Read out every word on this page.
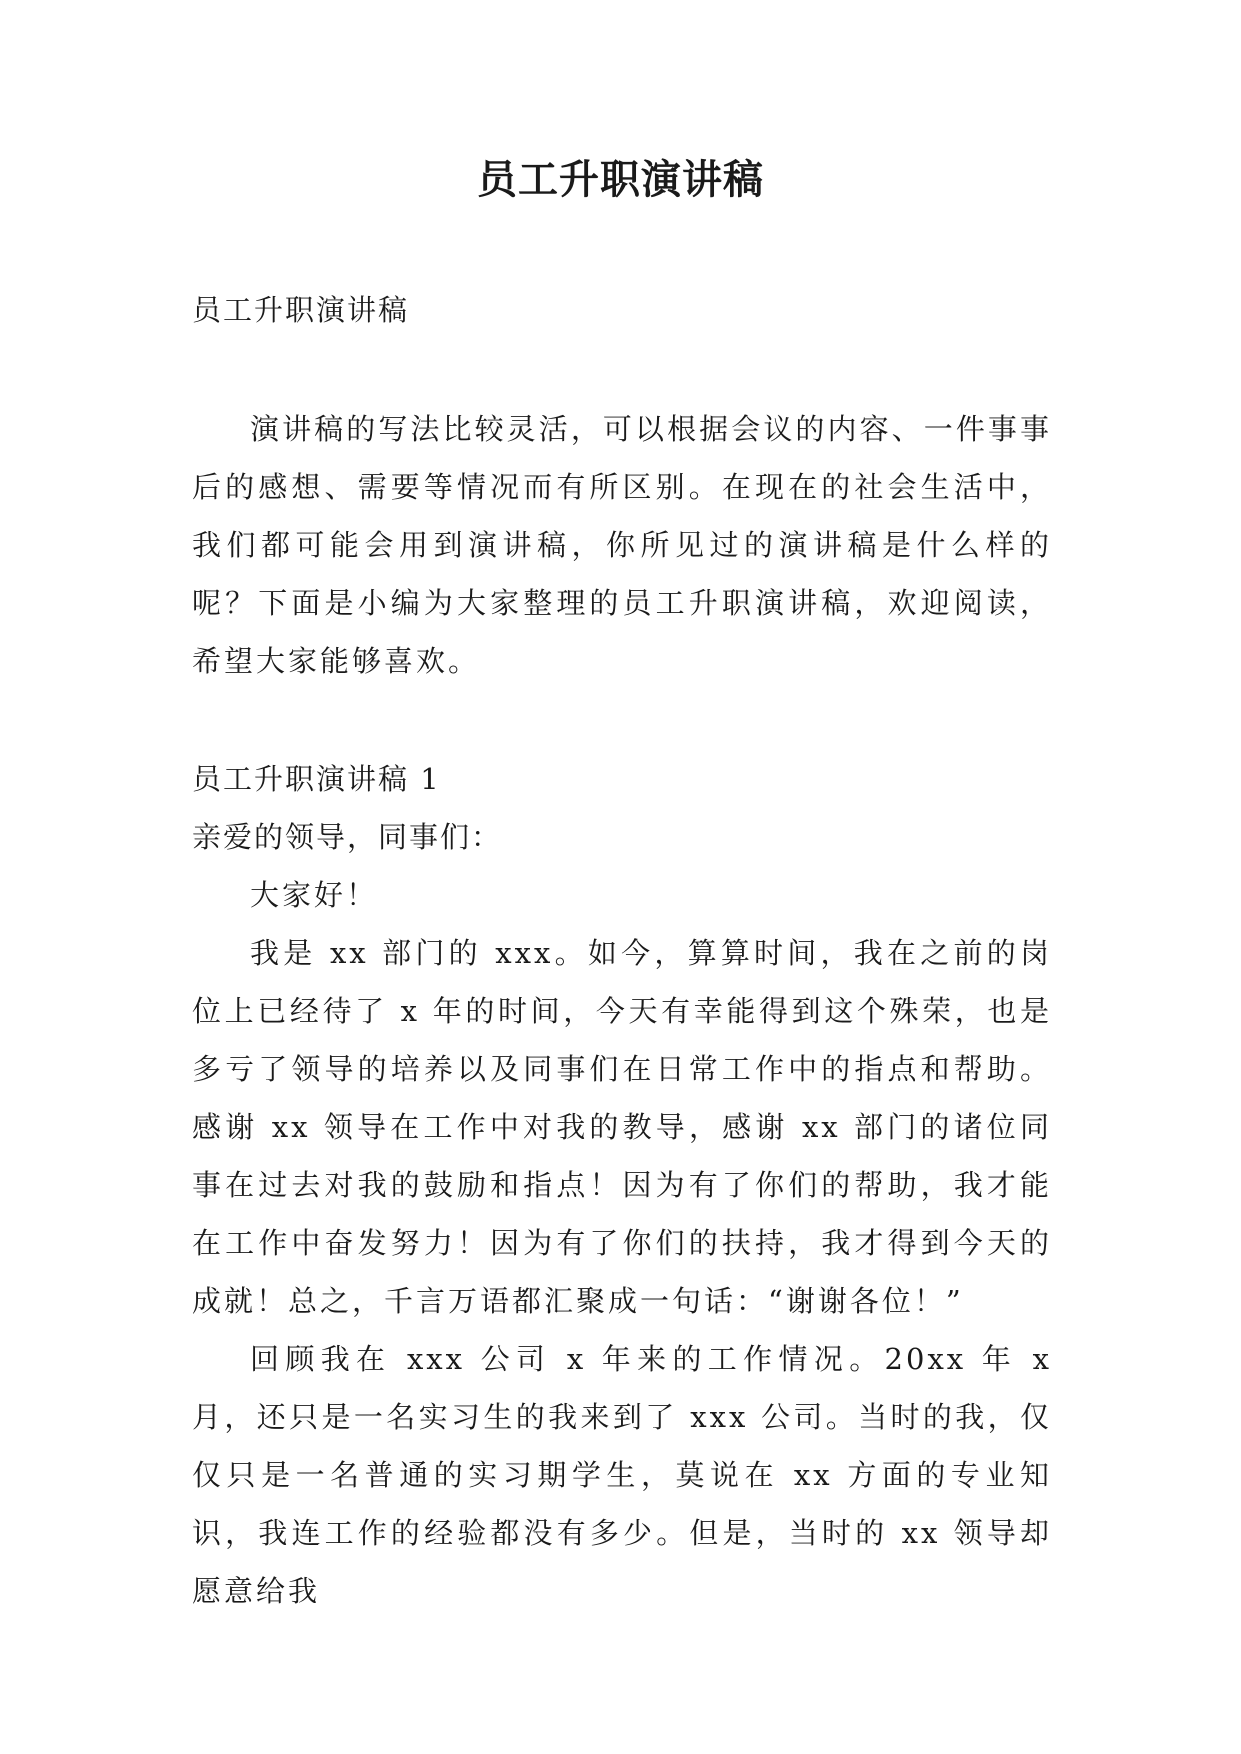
员工升职演讲稿
员工升职演讲稿

演讲稿的写法比较灵活，可以根据会议的内容、一件事事后的感想、需要等情况而有所区别。在现在的社会生活中，我们都可能会用到演讲稿，你所见过的演讲稿是什么样的呢？下面是小编为大家整理的员工升职演讲稿，欢迎阅读，希望大家能够喜欢。

员工升职演讲稿 1
亲爱的领导，同事们：

大家好！

我是 xx 部门的 xxx。如今，算算时间，我在之前的岗位上已经待了 x 年的时间，今天有幸能得到这个殊荣，也是多亏了领导的培养以及同事们在日常工作中的指点和帮助。感谢 xx 领导在工作中对我的教导，感谢 xx 部门的诸位同事在过去对我的鼓励和指点！因为有了你们的帮助，我才能在工作中奋发努力！因为有了你们的扶持，我才得到今天的成就！总之，千言万语都汇聚成一句话：“谢谢各位！”

回顾我在 xxx 公司 x 年来的工作情况。20xx 年 x 月，还只是一名实习生的我来到了 xxx 公司。当时的我，仅仅只是一名普通的实习期学生，莫说在 xx 方面的专业知识，我连工作的经验都没有多少。但是，当时的 xx 领导却愿意给我
